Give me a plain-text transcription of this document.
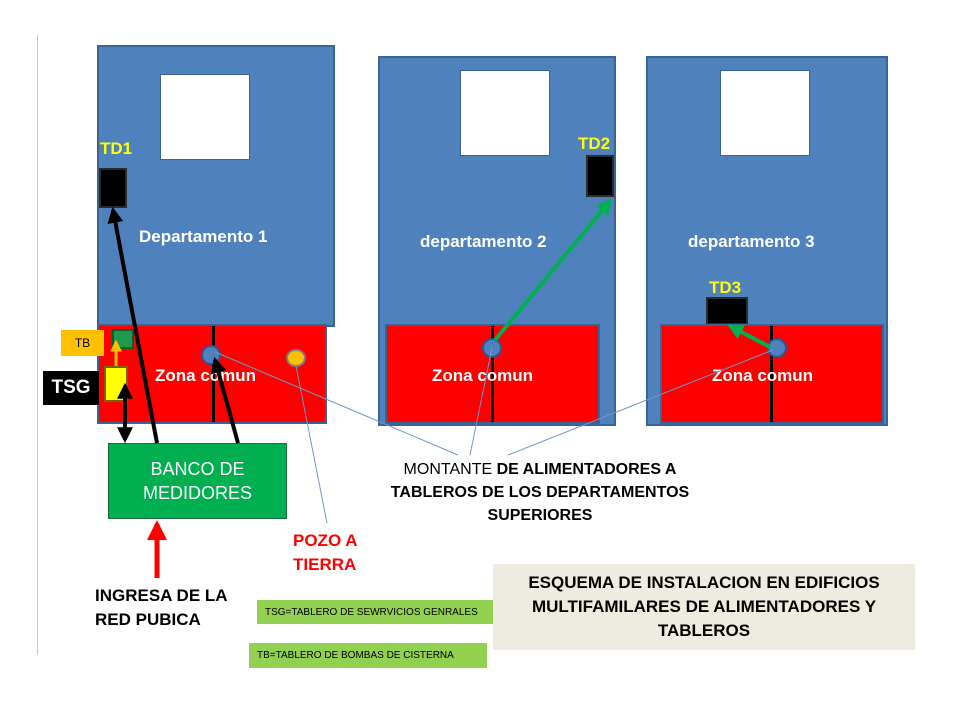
Departamento 1
TD1
Zona comun
departamento 2
TD2
Zona comun
departamento 3
TD3
Zona comun
TB
TSG
BANCO DE
MEDIDORES
MONTANTE DE ALIMENTADORES A
TABLEROS DE LOS DEPARTAMENTOS
SUPERIORES
POZO A
TIERRA
INGRESA DE LA
RED PUBICA	TSG=TABLERO DE SEWRVICIOS GENRALES
TB=TABLERO DE BOMBAS DE CISTERNA
ESQUEMA DE INSTALACION EN EDIFICIOS
MULTIFAMILARES DE ALIMENTADORES Y
TABLEROS
